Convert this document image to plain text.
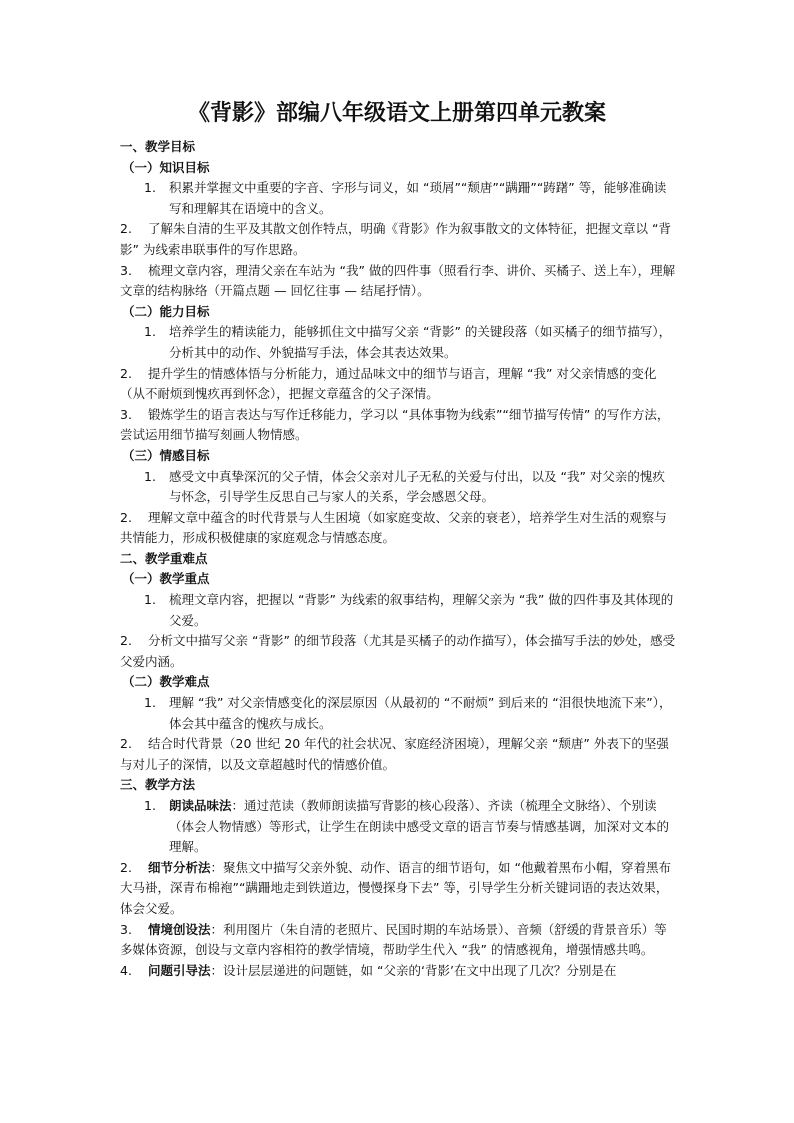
《背影》部编八年级语文上册第四单元教案
一、教学目标
（一）知识目标
1. 积累并掌握文中重要的字音、字形与词义，如 “琐屑”“颓唐”“蹒跚”“踌躇” 等，能够准确读写和理解其在语境中的含义。
2. 了解朱自清的生平及其散文创作特点，明确《背影》作为叙事散文的文体特征，把握文章以 “背影” 为线索串联事件的写作思路。
3. 梳理文章内容，理清父亲在车站为 “我” 做的四件事（照看行李、讲价、买橘子、送上车），理解文章的结构脉络（开篇点题 — 回忆往事 — 结尾抒情）。
（二）能力目标
1. 培养学生的精读能力，能够抓住文中描写父亲 “背影” 的关键段落（如买橘子的细节描写），分析其中的动作、外貌描写手法，体会其表达效果。
2. 提升学生的情感体悟与分析能力，通过品味文中的细节与语言，理解 “我” 对父亲情感的变化（从不耐烦到愧疚再到怀念），把握文章蕴含的父子深情。
3. 锻炼学生的语言表达与写作迁移能力，学习以 “具体事物为线索”“细节描写传情” 的写作方法，尝试运用细节描写刻画人物情感。
（三）情感目标
1. 感受文中真挚深沉的父子情，体会父亲对儿子无私的关爱与付出，以及 “我” 对父亲的愧疚与怀念，引导学生反思自己与家人的关系，学会感恩父母。
2. 理解文章中蕴含的时代背景与人生困境（如家庭变故、父亲的衰老），培养学生对生活的观察与共情能力，形成积极健康的家庭观念与情感态度。
二、教学重难点
（一）教学重点
1. 梳理文章内容，把握以 “背影” 为线索的叙事结构，理解父亲为 “我” 做的四件事及其体现的父爱。
2. 分析文中描写父亲 “背影” 的细节段落（尤其是买橘子的动作描写），体会描写手法的妙处，感受父爱内涵。
（二）教学难点
1. 理解 “我” 对父亲情感变化的深层原因（从最初的 “不耐烦” 到后来的 “泪很快地流下来”），体会其中蕴含的愧疚与成长。
2. 结合时代背景（20 世纪 20 年代的社会状况、家庭经济困境），理解父亲 “颓唐” 外表下的坚强与对儿子的深情，以及文章超越时代的情感价值。
三、教学方法
1. 朗读品味法：通过范读（教师朗读描写背影的核心段落）、齐读（梳理全文脉络）、个别读（体会人物情感）等形式，让学生在朗读中感受文章的语言节奏与情感基调，加深对文本的理解。
2. 细节分析法：聚焦文中描写父亲外貌、动作、语言的细节语句，如 “他戴着黑布小帽，穿着黑布大马褂，深青布棉袍”“蹒跚地走到铁道边，慢慢探身下去” 等，引导学生分析关键词语的表达效果，体会父爱。
3. 情境创设法：利用图片（朱自清的老照片、民国时期的车站场景）、音频（舒缓的背景音乐）等多媒体资源，创设与文章内容相符的教学情境，帮助学生代入 “我” 的情感视角，增强情感共鸣。
4. 问题引导法：设计层层递进的问题链，如 “父亲的‘背影’在文中出现了几次？分别是在
